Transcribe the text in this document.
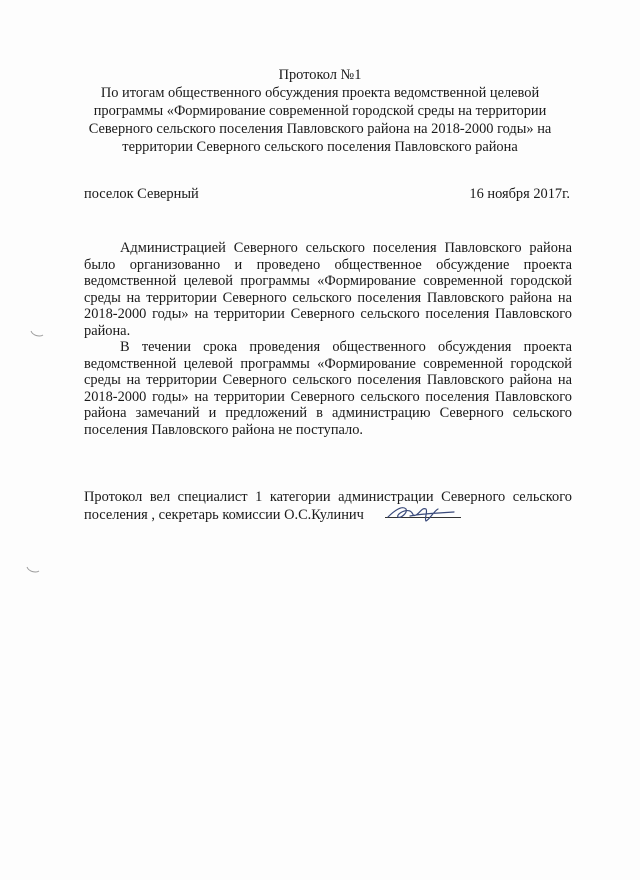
Протокол №1
По итогам общественного обсуждения проекта ведомственной целевой
программы «Формирование современной городской среды на территории
Северного сельского поселения Павловского района на 2018-2000 годы» на
территории Северного сельского поселения Павловского района
поселок Северный	16 ноября 2017г.
Администрацией Северного сельского поселения Павловского района
было организованно и проведено общественное обсуждение проекта
ведомственной целевой программы «Формирование современной городской
среды на территории Северного сельского поселения Павловского района на
2018-2000 годы» на территории Северного сельского поселения Павловского
района.
В течении срока проведения общественного обсуждения проекта
ведомственной целевой программы «Формирование современной городской
среды на территории Северного сельского поселения Павловского района на
2018-2000 годы» на территории Северного сельского поселения Павловского
района замечаний и предложений в администрацию Северного сельского
поселения Павловского района не поступало.
Протокол вел специалист 1 категории администрации Северного сельского
поселения , секретарь комиссии О.С.Кулинич
